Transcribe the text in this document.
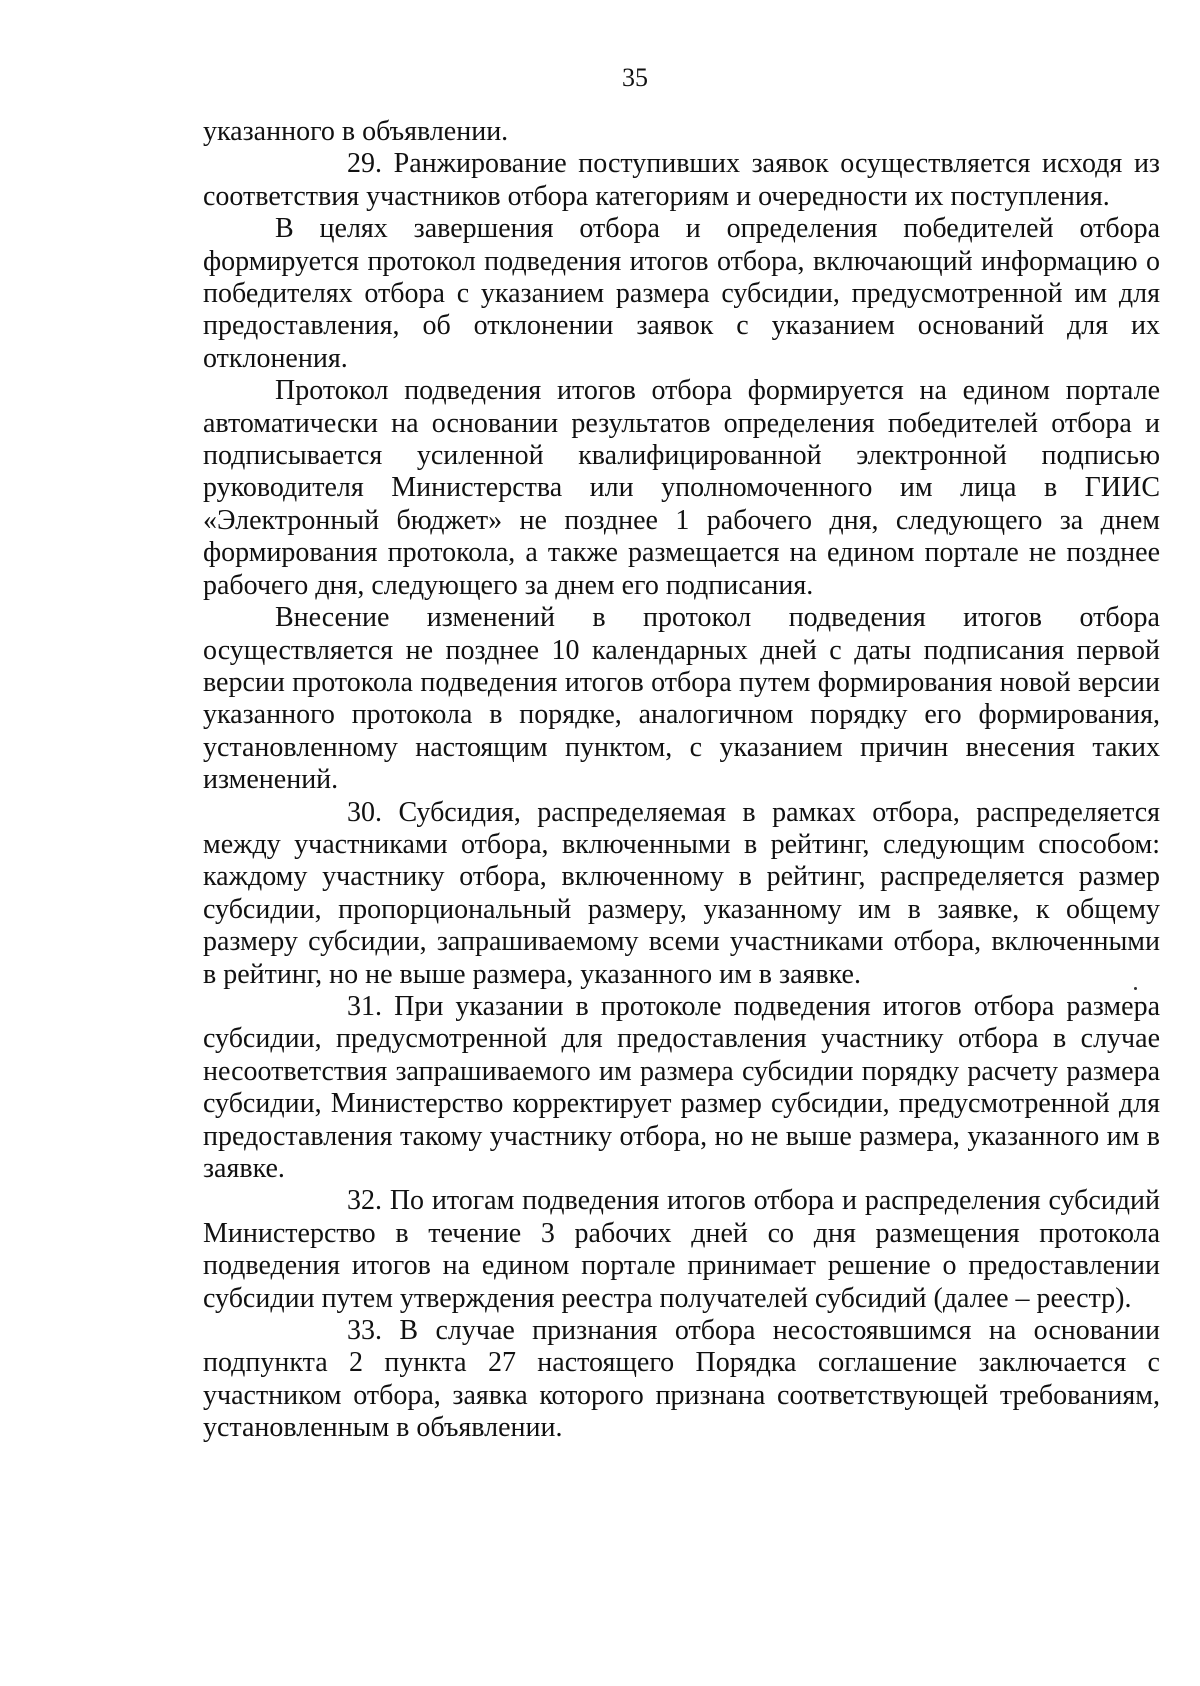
35

указанного в объявлении.

29. Ранжирование поступивших заявок осуществляется исходя из соответствия участников отбора категориям и очередности их поступления.

В целях завершения отбора и определения победителей отбора формируется протокол подведения итогов отбора, включающий информацию о победителях отбора с указанием размера субсидии, предусмотренной им для предоставления, об отклонении заявок с указанием оснований для их отклонения.

Протокол подведения итогов отбора формируется на едином портале автоматически на основании результатов определения победителей отбора и подписывается усиленной квалифицированной электронной подписью руководителя Министерства или уполномоченного им лица в ГИИС «Электронный бюджет» не позднее 1 рабочего дня, следующего за днем формирования протокола, а также размещается на едином портале не позднее рабочего дня, следующего за днем его подписания.

Внесение изменений в протокол подведения итогов отбора осуществляется не позднее 10 календарных дней с даты подписания первой версии протокола подведения итогов отбора путем формирования новой версии указанного протокола в порядке, аналогичном порядку его формирования, установленному настоящим пунктом, с указанием причин внесения таких изменений.

30. Субсидия, распределяемая в рамках отбора, распределяется между участниками отбора, включенными в рейтинг, следующим способом: каждому участнику отбора, включенному в рейтинг, распределяется размер субсидии, пропорциональный размеру, указанному им в заявке, к общему размеру субсидии, запрашиваемому всеми участниками отбора, включенными в рейтинг, но не выше размера, указанного им в заявке.

31. При указании в протоколе подведения итогов отбора размера субсидии, предусмотренной для предоставления участнику отбора в случае несоответствия запрашиваемого им размера субсидии порядку расчету размера субсидии, Министерство корректирует размер субсидии, предусмотренной для предоставления такому участнику отбора, но не выше размера, указанного им в заявке.

32. По итогам подведения итогов отбора и распределения субсидий Министерство в течение 3 рабочих дней со дня размещения протокола подведения итогов на едином портале принимает решение о предоставлении субсидии путем утверждения реестра получателей субсидий (далее – реестр).

33. В случае признания отбора несостоявшимся на основании подпункта 2 пункта 27 настоящего Порядка соглашение заключается с участником отбора, заявка которого признана соответствующей требованиям, установленным в объявлении.
